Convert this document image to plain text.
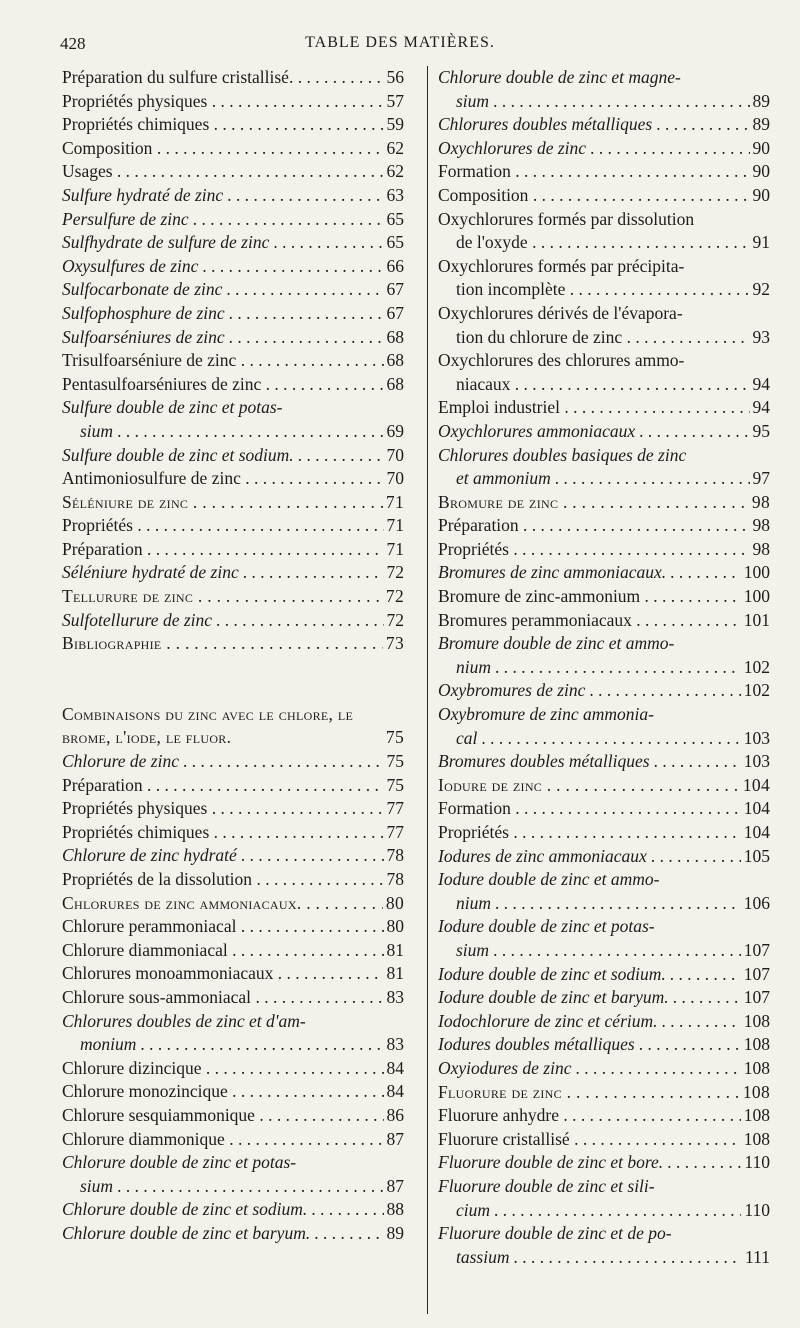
428	TABLE DES MATIÈRES.
Préparation du sulfure cristallisé. . . .	56
Propriétés physiques . . .	57
Propriétés chimiques . . .	59
Composition . . .	62
Usages . . .	62
Sulfure hydraté de zinc . . .	63
Persulfure de zinc . . .	65
Sulfhydrate de sulfure de zinc . . .	65
Oxysulfures de zinc . . .	66
Sulfocarbonate de zinc . . .	67
Sulfophosphure de zinc . . .	67
Sulfoarséniures de zinc . . .	68
Trisulfoarséniure de zinc . . .	68
Pentasulfoarséniures de zinc . . .	68
Sulfure double de zinc et potas-
sium . . .	69
Sulfure double de zinc et sodium. . . .	70
Antimoniosulfure de zinc . . .	70
Séléniure de zinc . . .	71
Propriétés . . .	71
Préparation . . .	71
Séléniure hydraté de zinc . . .	72
Tellurure de zinc . . .	72
Sulfotellurure de zinc . . .	72
Bibliographie . . .	73
Combinaisons du zinc avec le chlore, le brome, l'iode, le fluor.	75
Chlorure de zinc . . .	75
Préparation . . .	75
Propriétés physiques . . .	77
Propriétés chimiques . . .	77
Chlorure de zinc hydraté . . .	78
Propriétés de la dissolution . . .	78
Chlorures de zinc ammoniacaux. . . .	80
Chlorure perammoniacal . . .	80
Chlorure diammoniacal . . .	81
Chlorures monoammoniacaux . . .	81
Chlorure sous-ammoniacal . . .	83
Chlorures doubles de zinc et d'am-
monium . . .	83
Chlorure dizincique . . .	84
Chlorure monozincique . . .	84
Chlorure sesquiammonique . . .	86
Chlorure diammonique . . .	87
Chlorure double de zinc et potas-
sium . . .	87
Chlorure double de zinc et sodium. . . .	88
Chlorure double de zinc et baryum. . . .	89
Chlorure double de zinc et magne-
sium . . .	89
Chlorures doubles métalliques . . .	89
Oxychlorures de zinc . . .	90
Formation . . .	90
Composition . . .	90
Oxychlorures formés par dissolution
de l'oxyde . . .	91
Oxychlorures formés par précipita-
tion incomplète . . .	92
Oxychlorures dérivés de l'évapora-
tion du chlorure de zinc . . .	93
Oxychlorures des chlorures ammo-
niacaux . . .	94
Emploi industriel . . .	94
Oxychlorures ammoniacaux . . .	95
Chlorures doubles basiques de zinc
et ammonium . . .	97
Bromure de zinc . . .	98
Préparation . . .	98
Propriétés . . .	98
Bromures de zinc ammoniacaux. . . .	100
Bromure de zinc-ammonium . . .	100
Bromures perammoniacaux . . .	101
Bromure double de zinc et ammo-
nium . . .	102
Oxybromures de zinc . . .	102
Oxybromure de zinc ammonia-
cal . . .	103
Bromures doubles métalliques . . .	103
Iodure de zinc . . .	104
Formation . . .	104
Propriétés . . .	104
Iodures de zinc ammoniacaux . . .	105
Iodure double de zinc et ammo-
nium . . .	106
Iodure double de zinc et potas-
sium . . .	107
Iodure double de zinc et sodium. . . .	107
Iodure double de zinc et baryum. . . .	107
Iodochlorure de zinc et cérium. . . .	108
Iodures doubles métalliques . . .	108
Oxyiodures de zinc . . .	108
Fluorure de zinc . . .	108
Fluorure anhydre . . .	108
Fluorure cristallisé . . .	108
Fluorure double de zinc et bore. . . .	110
Fluorure double de zinc et sili-
cium . . .	110
Fluorure double de zinc et de po-
tassium . . .	111
